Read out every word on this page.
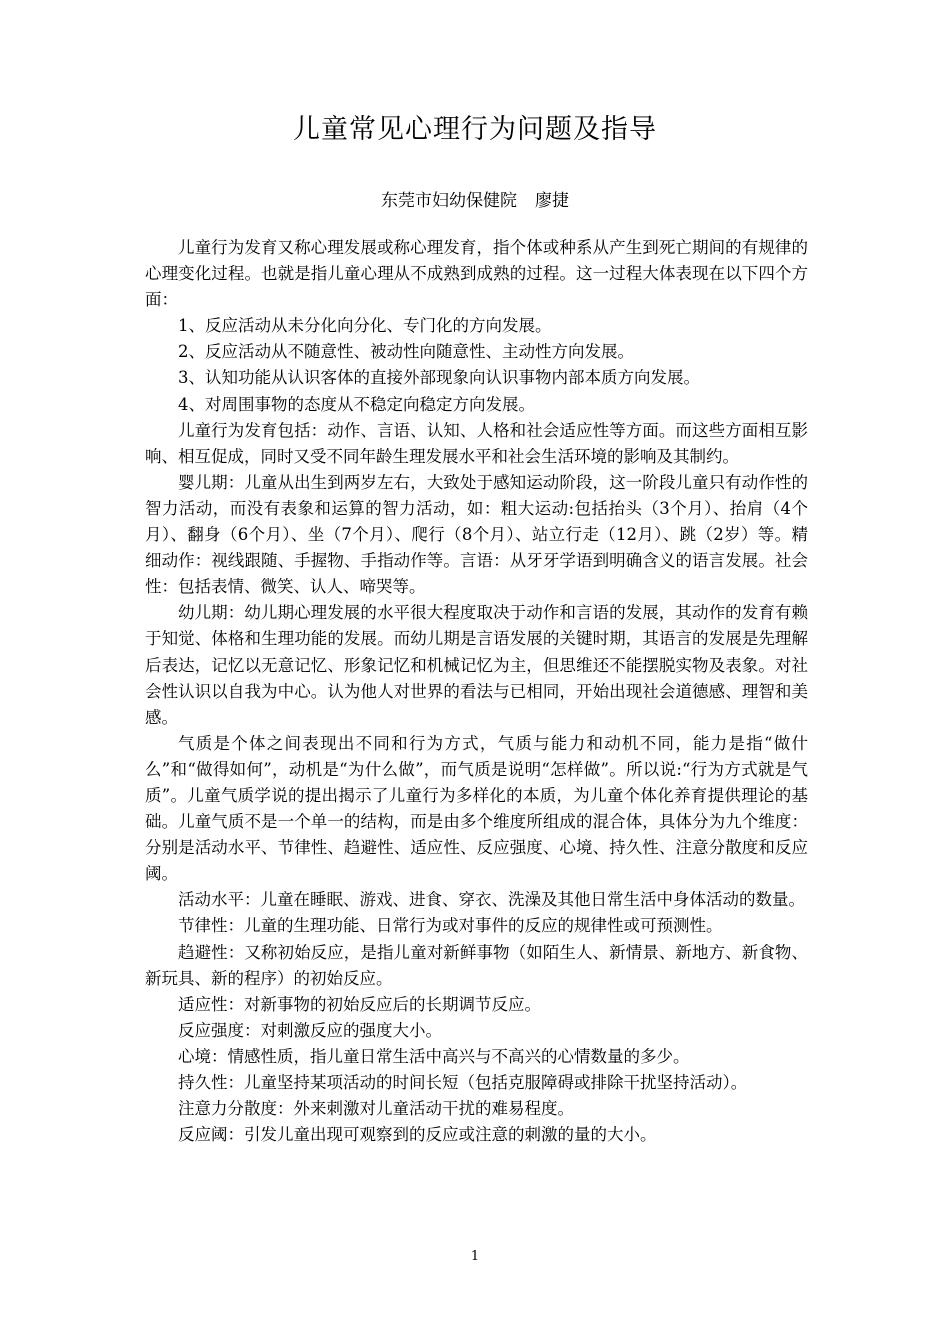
儿童常见心理行为问题及指导
东莞市妇幼保健院 廖捷

儿童行为发育又称心理发展或称心理发育，指个体或种系从产生到死亡期间的有规律的心理变化过程。也就是指儿童心理从不成熟到成熟的过程。这一过程大体表现在以下四个方面：

1、反应活动从未分化向分化、专门化的方向发展。

2、反应活动从不随意性、被动性向随意性、主动性方向发展。

3、认知功能从认识客体的直接外部现象向认识事物内部本质方向发展。

4、对周围事物的态度从不稳定向稳定方向发展。

儿童行为发育包括：动作、言语、认知、人格和社会适应性等方面。而这些方面相互影响、相互促成，同时又受不同年龄生理发展水平和社会生活环境的影响及其制约。

婴儿期：儿童从出生到两岁左右，大致处于感知运动阶段，这一阶段儿童只有动作性的智力活动，而没有表象和运算的智力活动，如：粗大运动:包括抬头（3个月）、抬肩（4个月）、翻身（6个月）、坐（7个月）、爬行（8个月）、站立行走（12月）、跳（2岁）等。精细动作：视线跟随、手握物、手指动作等。言语：从牙牙学语到明确含义的语言发展。社会性：包括表情、微笑、认人、啼哭等。

幼儿期：幼儿期心理发展的水平很大程度取决于动作和言语的发展，其动作的发育有赖于知觉、体格和生理功能的发展。而幼儿期是言语发展的关键时期，其语言的发展是先理解后表达，记忆以无意记忆、形象记忆和机械记忆为主，但思维还不能摆脱实物及表象。对社会性认识以自我为中心。认为他人对世界的看法与已相同，开始出现社会道德感、理智和美感。

气质是个体之间表现出不同和行为方式，气质与能力和动机不同，能力是指“做什么”和“做得如何”，动机是“为什么做”，而气质是说明“怎样做”。所以说:“行为方式就是气质”。儿童气质学说的提出揭示了儿童行为多样化的本质，为儿童个体化养育提供理论的基础。儿童气质不是一个单一的结构，而是由多个维度所组成的混合体，具体分为九个维度：分别是活动水平、节律性、趋避性、适应性、反应强度、心境、持久性、注意分散度和反应阈。

活动水平：儿童在睡眠、游戏、进食、穿衣、洗澡及其他日常生活中身体活动的数量。

节律性：儿童的生理功能、日常行为或对事件的反应的规律性或可预测性。

趋避性：又称初始反应，是指儿童对新鲜事物（如陌生人、新情景、新地方、新食物、新玩具、新的程序）的初始反应。

适应性：对新事物的初始反应后的长期调节反应。

反应强度：对刺激反应的强度大小。

心境：情感性质，指儿童日常生活中高兴与不高兴的心情数量的多少。

持久性：儿童坚持某项活动的时间长短（包括克服障碍或排除干扰坚持活动）。

注意力分散度：外来刺激对儿童活动干扰的难易程度。

反应阈：引发儿童出现可观察到的反应或注意的刺激的量的大小。

1
